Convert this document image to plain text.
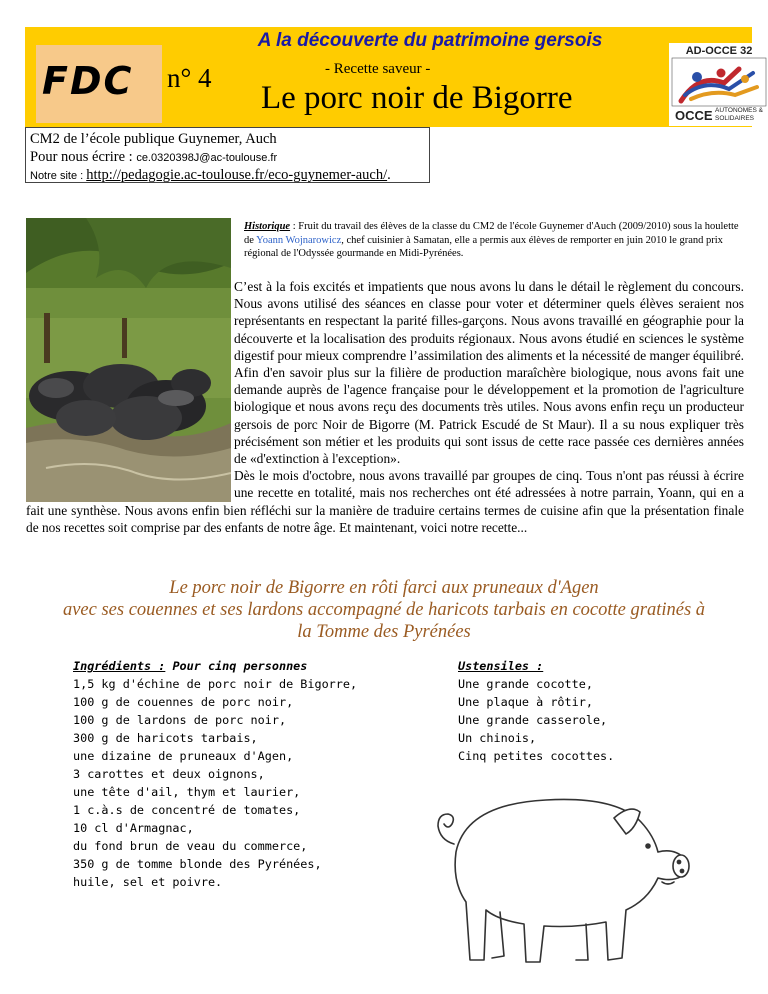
A la découverte du patrimoine gersois
FDC n° 4	- Recette saveur -
Le porc noir de Bigorre
AD-OCCE 32
OCCE AUTONOMES & SOLIDAIRES
CM2 de l’école publique Guynemer, Auch
Pour nous écrire : ce.0320398J@ac-toulouse.fr
Notre site : http://pedagogie.ac-toulouse.fr/eco-guynemer-auch/.
Historique : Fruit du travail des élèves de la classe du CM2 de l'école Guynemer d'Auch (2009/2010) sous la houlette de Yoann Wojnarowicz, chef cuisinier à Samatan, elle a permis aux élèves de remporter en juin 2010 le grand prix régional de l'Odyssée gourmande en Midi-Pyrénées.

C’est à la fois excités et impatients que nous avons lu dans le détail le règlement du concours. Nous avons utilisé des séances en classe pour voter et déterminer quels élèves seraient nos représentants en respectant la parité filles-garçons. Nous avons travaillé en géographie pour la découverte et la localisation des produits régionaux. Nous avons étudié en sciences le système digestif pour mieux comprendre l’assimilation des aliments et la nécessité de manger équilibré. Afin d'en savoir plus sur la filière de production maraîchère biologique, nous avons fait une demande auprès de l'agence française pour le développement et la promotion de l'agriculture biologique et nous avons reçu des documents très utiles. Nous avons enfin reçu un producteur gersois de porc Noir de Bigorre (M. Patrick Escudé de St Maur). Il a su nous expliquer très précisément son métier et les produits qui sont issus de cette race passée ces dernières années de «d'extinction à l'exception».

Dès le mois d'octobre, nous avons travaillé par groupes de cinq. Tous n'ont pas réussi à écrire une recette en totalité, mais nos recherches ont été adressées à notre parrain, Yoann, qui en a fait une synthèse. Nous avons enfin bien réfléchi sur la manière de traduire certains termes de cuisine afin que la présentation finale de nos recettes soit comprise par des enfants de notre âge. Et maintenant, voici notre recette...

Le porc noir de Bigorre en rôti farci aux pruneaux d'Agen
avec ses couennes et ses lardons accompagné de haricots tarbais en cocotte gratinés à
la Tomme des Pyrénées
Ingrédients : Pour cinq personnes
1,5 kg d'échine de porc noir de Bigorre,
100 g de couennes de porc noir,
100 g de lardons de porc noir,
300 g de haricots tarbais,
une dizaine de pruneaux d'Agen,
3 carottes et deux oignons,
une tête d'ail, thym et laurier,
1 c.à.s de concentré de tomates,
10 cl d'Armagnac,
du fond brun de veau du commerce,
350 g de tomme blonde des Pyrénées,
huile, sel et poivre.
Ustensiles :
Une grande cocotte,
Une plaque à rôtir,
Une grande casserole,
Un chinois,
Cinq petites cocottes.
